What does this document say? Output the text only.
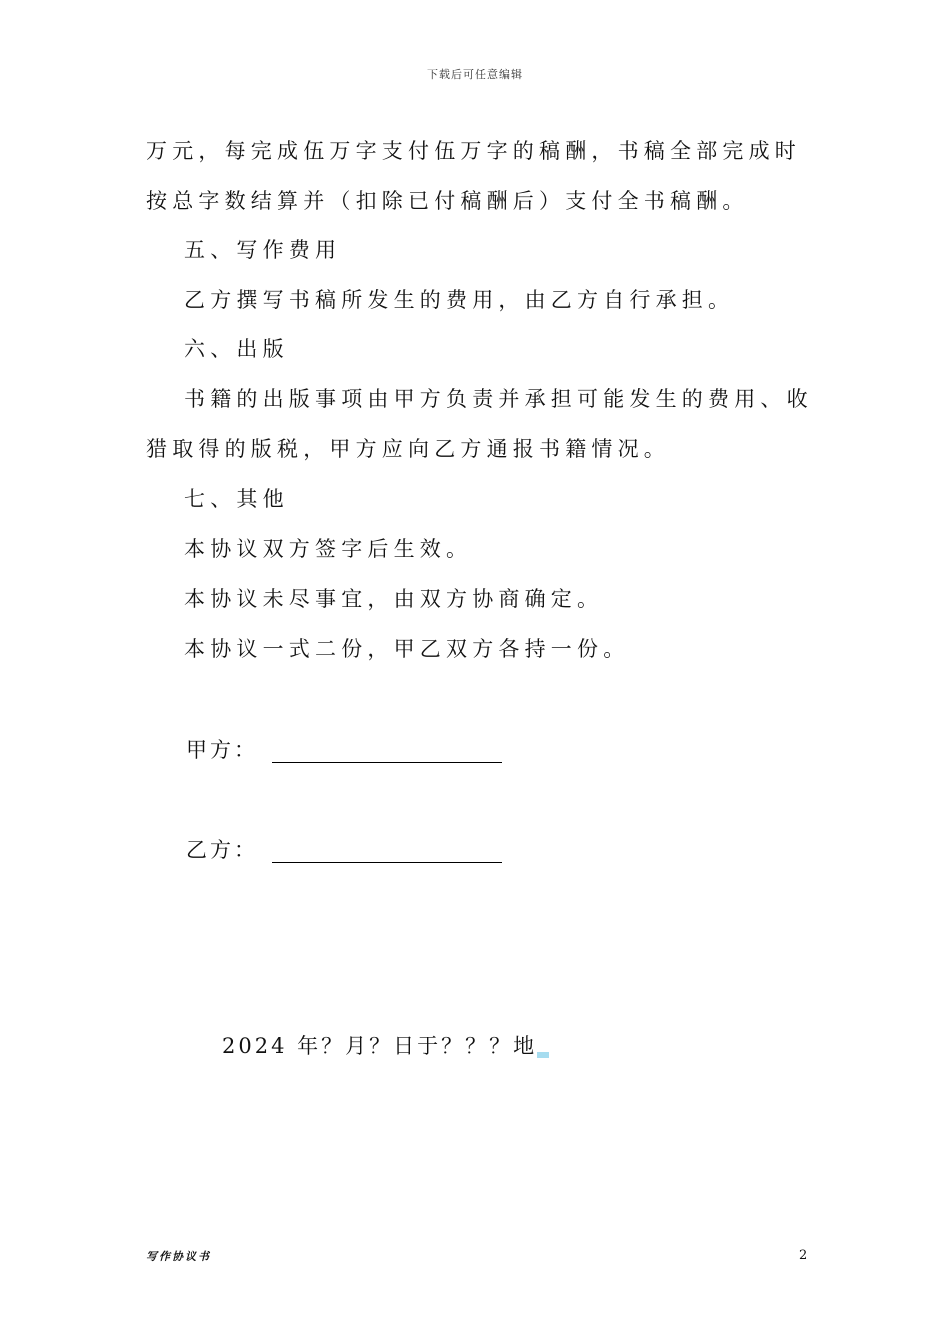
下载后可任意编辑
万元，每完成伍万字支付伍万字的稿酬，书稿全部完成时
按总字数结算并（扣除已付稿酬后）支付全书稿酬。
五、写作费用
乙方撰写书稿所发生的费用，由乙方自行承担。
六、出版
书籍的出版事项由甲方负责并承担可能发生的费用、收
猎取得的版税，甲方应向乙方通报书籍情况。
七、其他
本协议双方签字后生效。
本协议未尽事宜，由双方协商确定。
本协议一式二份，甲乙双方各持一份。
甲方：
乙方：
2024 年？月？日于？？？地
写作协议书	2
